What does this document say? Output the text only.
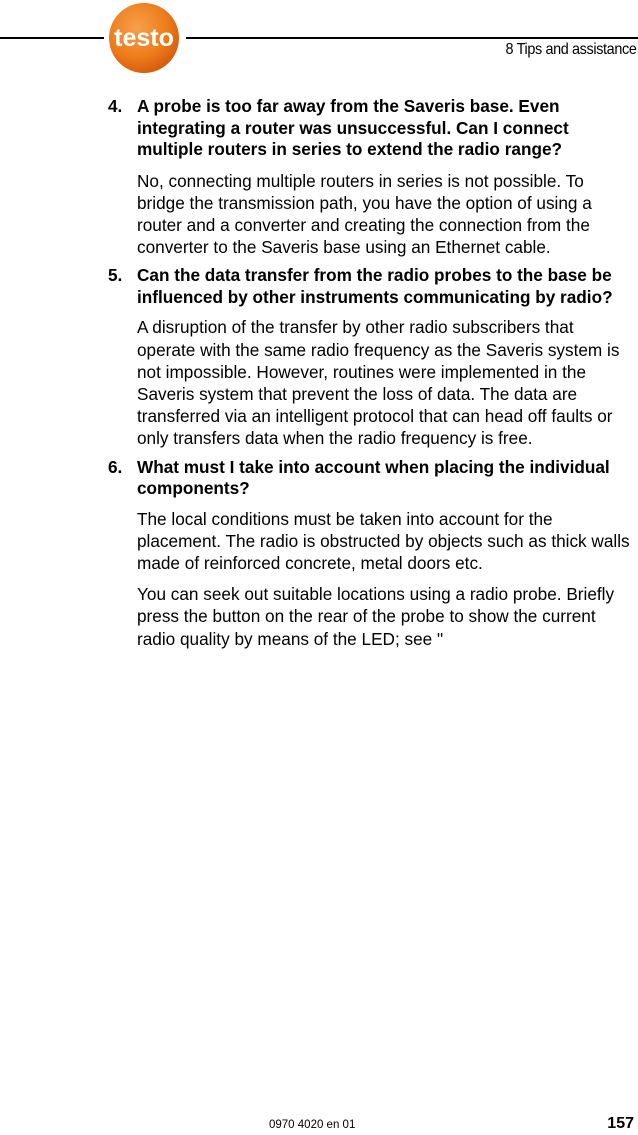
testo	8 Tips and assistance
4. A probe is too far away from the Saveris base. Even integrating a router was unsuccessful. Can I connect multiple routers in series to extend the radio range?
No, connecting multiple routers in series is not possible. To bridge the transmission path, you have the option of using a router and a converter and creating the connection from the converter to the Saveris base using an Ethernet cable.
5. Can the data transfer from the radio probes to the base be influenced by other instruments communicating by radio?
A disruption of the transfer by other radio subscribers that operate with the same radio frequency as the Saveris system is not impossible. However, routines were implemented in the Saveris system that prevent the loss of data. The data are transferred via an intelligent protocol that can head off faults or only transfers data when the radio frequency is free.
6. What must I take into account when placing the individual components?
The local conditions must be taken into account for the placement. The radio is obstructed by objects such as thick walls made of reinforced concrete, metal doors etc.
You can seek out suitable locations using a radio probe. Briefly press the button on the rear of the probe to show the current radio quality by means of the LED; see "
0970 4020 en 01	157
